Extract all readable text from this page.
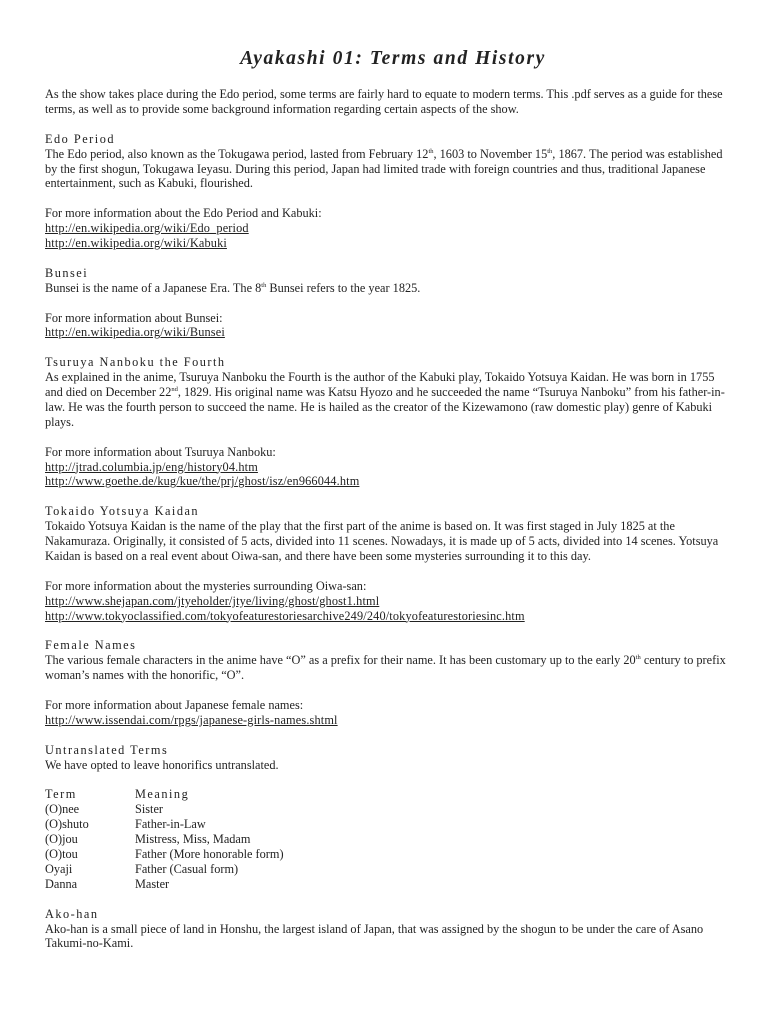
Ayakashi 01: Terms and History

As the show takes place during the Edo period, some terms are fairly hard to equate to modern terms. This .pdf serves as a guide for these terms, as well as to provide some background information regarding certain aspects of the show.

Edo Period

The Edo period, also known as the Tokugawa period, lasted from February 12th, 1603 to November 15th, 1867. The period was established by the first shogun, Tokugawa Ieyasu. During this period, Japan had limited trade with foreign countries and thus, traditional Japanese entertainment, such as Kabuki, flourished.

For more information about the Edo Period and Kabuki:

http://en.wikipedia.org/wiki/Edo_period
http://en.wikipedia.org/wiki/Kabuki
Bunsei

Bunsei is the name of a Japanese Era. The 8th Bunsei refers to the year 1825.

For more information about Bunsei:

http://en.wikipedia.org/wiki/Bunsei
Tsuruya Nanboku the Fourth

As explained in the anime, Tsuruya Nanboku the Fourth is the author of the Kabuki play, Tokaido Yotsuya Kaidan. He was born in 1755 and died on December 22nd, 1829. His original name was Katsu Hyozo and he succeeded the name “Tsuruya Nanboku” from his father-in-law. He was the fourth person to succeed the name. He is hailed as the creator of the Kizewamono (raw domestic play) genre of Kabuki plays.

For more information about Tsuruya Nanboku:

http://jtrad.columbia.jp/eng/history04.htm
http://www.goethe.de/kug/kue/the/prj/ghost/isz/en966044.htm
Tokaido Yotsuya Kaidan

Tokaido Yotsuya Kaidan is the name of the play that the first part of the anime is based on. It was first staged in July 1825 at the Nakamuraza. Originally, it consisted of 5 acts, divided into 11 scenes. Nowadays, it is made up of 5 acts, divided into 14 scenes. Yotsuya Kaidan is based on a real event about Oiwa-san, and there have been some mysteries surrounding it to this day.

For more information about the mysteries surrounding Oiwa-san:

http://www.shejapan.com/jtyeholder/jtye/living/ghost/ghost1.html
http://www.tokyoclassified.com/tokyofeaturestoriesarchive249/240/tokyofeaturestoriesinc.htm
Female Names

The various female characters in the anime have “O” as a prefix for their name. It has been customary up to the early 20th century to prefix woman’s names with the honorific, “O”.

For more information about Japanese female names:

http://www.issendai.com/rpgs/japanese-girls-names.shtml
Untranslated Terms

We have opted to leave honorifics untranslated.

Term	Meaning
(O)nee	Sister
(O)shuto	Father-in-Law
(O)jou	Mistress, Miss, Madam
(O)tou	Father (More honorable form)
Oyaji	Father (Casual form)
Danna	Master
Ako-han

Ako-han is a small piece of land in Honshu, the largest island of Japan, that was assigned by the shogun to be under the care of Asano Takumi-no-Kami.
